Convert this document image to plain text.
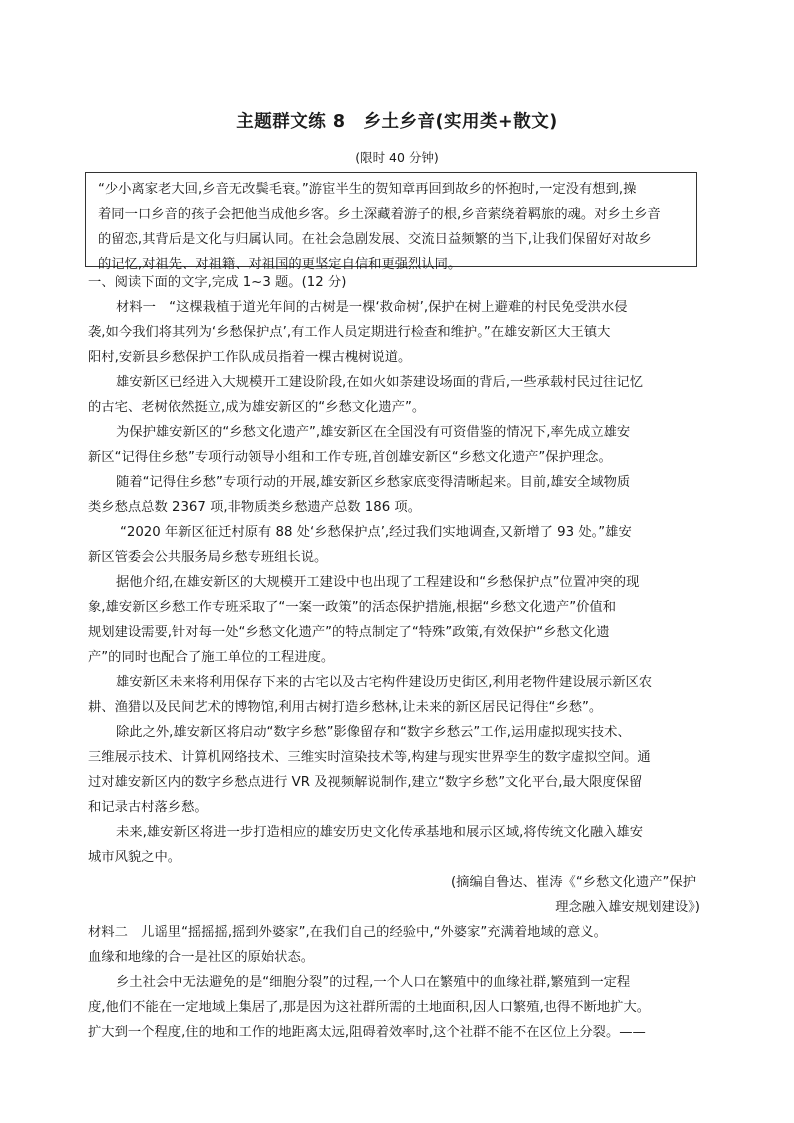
主题群文练 8　乡土乡音(实用类+散文)
(限时 40 分钟)
“少小离家老大回,乡音无改鬓毛衰。”游宦半生的贺知章再回到故乡的怀抱时,一定没有想到,操
着同一口乡音的孩子会把他当成他乡客。乡土深藏着游子的根,乡音萦绕着羁旅的魂。对乡土乡音
的留恋,其背后是文化与归属认同。在社会急剧发展、交流日益频繁的当下,让我们保留好对故乡
的记忆,对祖先、对祖籍、对祖国的更坚定自信和更强烈认同。
一、阅读下面的文字,完成 1~3 题。(12 分)
材料一　“这棵栽植于道光年间的古树是一棵‘救命树’,保护在树上避难的村民免受洪水侵
袭,如今我们将其列为‘乡愁保护点’,有工作人员定期进行检查和维护。”在雄安新区大王镇大
阳村,安新县乡愁保护工作队成员指着一棵古槐树说道。
雄安新区已经进入大规模开工建设阶段,在如火如荼建设场面的背后,一些承载村民过往记忆
的古宅、老树依然挺立,成为雄安新区的“乡愁文化遗产”。
为保护雄安新区的“乡愁文化遗产”,雄安新区在全国没有可资借鉴的情况下,率先成立雄安
新区“记得住乡愁”专项行动领导小组和工作专班,首创雄安新区“乡愁文化遗产”保护理念。
随着“记得住乡愁”专项行动的开展,雄安新区乡愁家底变得清晰起来。目前,雄安全域物质
类乡愁点总数 2367 项,非物质类乡愁遗产总数 186 项。
“2020 年新区征迁村原有 88 处‘乡愁保护点’,经过我们实地调查,又新增了 93 处。”雄安
新区管委会公共服务局乡愁专班组长说。
据他介绍,在雄安新区的大规模开工建设中也出现了工程建设和“乡愁保护点”位置冲突的现
象,雄安新区乡愁工作专班采取了“一案一政策”的活态保护措施,根据“乡愁文化遗产”价值和
规划建设需要,针对每一处“乡愁文化遗产”的特点制定了“特殊”政策,有效保护“乡愁文化遗
产”的同时也配合了施工单位的工程进度。
雄安新区未来将利用保存下来的古宅以及古宅构件建设历史街区,利用老物件建设展示新区农
耕、渔猎以及民间艺术的博物馆,利用古树打造乡愁林,让未来的新区居民记得住“乡愁”。
除此之外,雄安新区将启动“数字乡愁”影像留存和“数字乡愁云”工作,运用虚拟现实技术、
三维展示技术、计算机网络技术、三维实时渲染技术等,构建与现实世界孪生的数字虚拟空间。通
过对雄安新区内的数字乡愁点进行 VR 及视频解说制作,建立“数字乡愁”文化平台,最大限度保留
和记录古村落乡愁。
未来,雄安新区将进一步打造相应的雄安历史文化传承基地和展示区域,将传统文化融入雄安
城市风貌之中。
(摘编自鲁达、崔涛《“乡愁文化遗产”保护
理念融入雄安规划建设》)
材料二　儿谣里“摇摇摇,摇到外婆家”,在我们自己的经验中,“外婆家”充满着地域的意义。
血缘和地缘的合一是社区的原始状态。
乡土社会中无法避免的是“细胞分裂”的过程,一个人口在繁殖中的血缘社群,繁殖到一定程
度,他们不能在一定地域上集居了,那是因为这社群所需的土地面积,因人口繁殖,也得不断地扩大。
扩大到一个程度,住的地和工作的地距离太远,阻碍着效率时,这个社群不能不在区位上分裂。——
